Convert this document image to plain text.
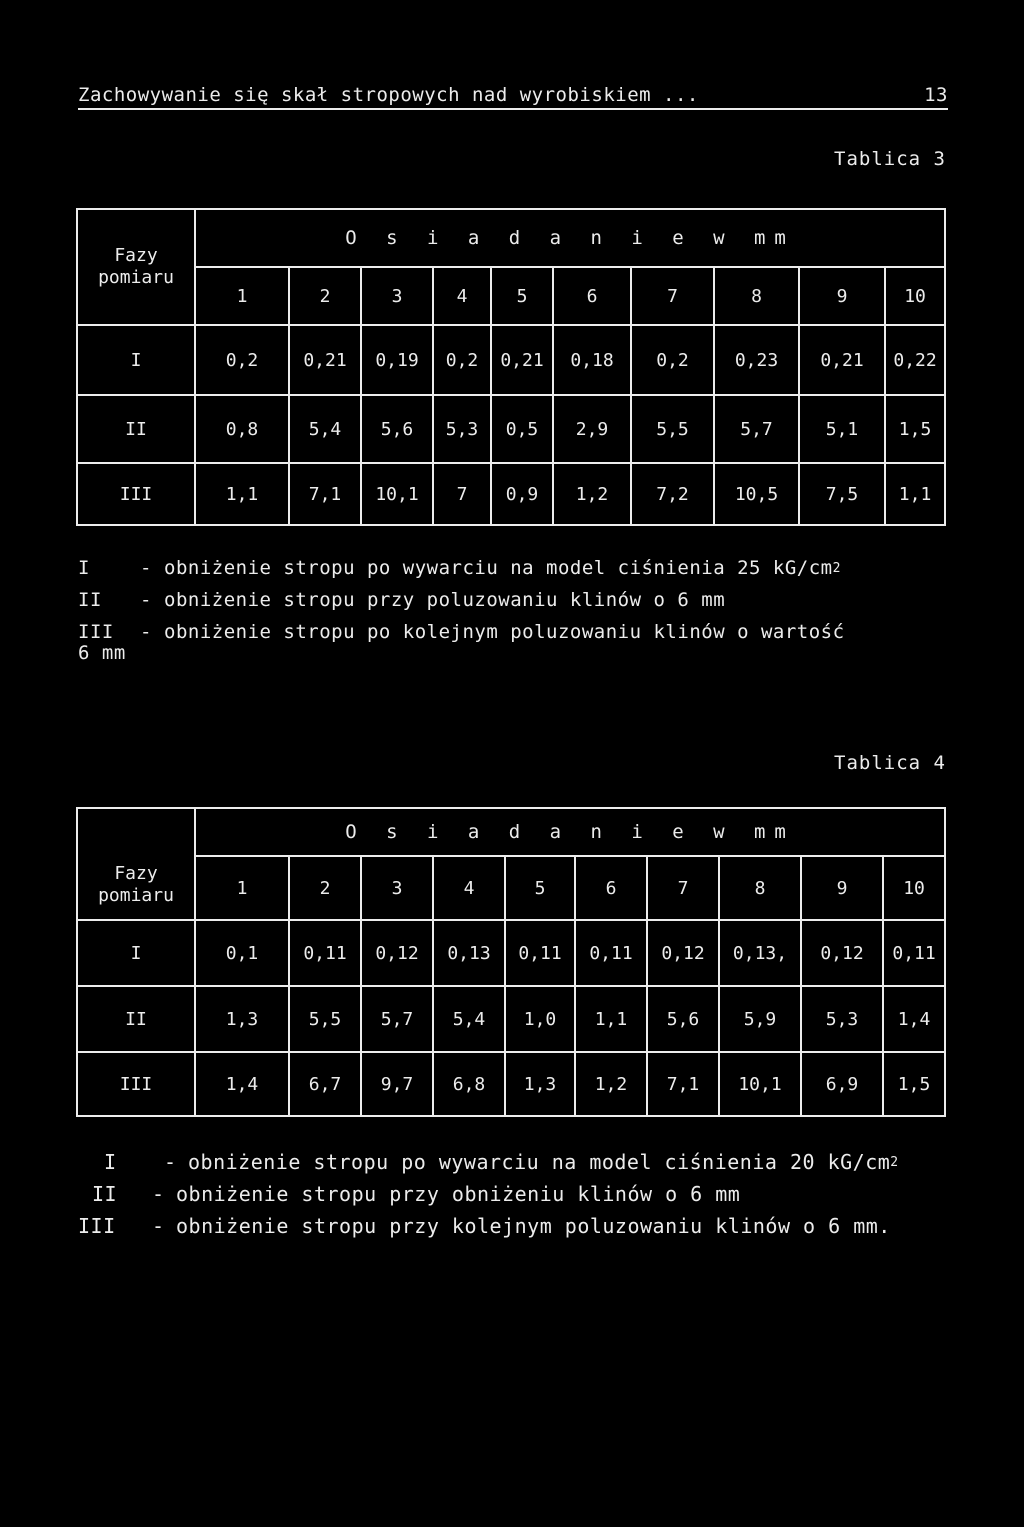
Zachowywanie się skał stropowych nad wyrobiskiem ...	13
Tablica 3
Fazy pomiaru	O s i a d a n i e w mm									
	1	2	3	4	5	6	7	8	9	10
I	0,2	0,21	0,19	0,2	0,21	0,18	0,2	0,23	0,21	0,22
II	0,8	5,4	5,6	5,3	0,5	2,9	5,5	5,7	5,1	1,5
III	1,1	7,1	10,1	7	0,9	1,2	7,2	10,5	7,5	1,1
I	- obniżenie stropu po wywarciu na model ciśnienia 25 kG/cm 2
II	- obniżenie stropu przy poluzowaniu klinów o 6 mm
III	- obniżenie stropu po kolejnym poluzowaniu klinów o wartość
6 mm
Tablica 4
Fazy pomiaru	O s i a d a n i e w mm									
	1	2	3	4	5	6	7	8	9	10
I	0,1	0,11	0,12	0,13	0,11	0,11	0,12	0,13,	0,12	0,11
II	1,3	5,5	5,7	5,4	1,0	1,1	5,6	5,9	5,3	1,4
III	1,4	6,7	9,7	6,8	1,3	1,2	7,1	10,1	6,9	1,5
I	- obniżenie stropu po wywarciu na model ciśnienia 20 kG/cm 2
II	- obniżenie stropu przy obniżeniu klinów o 6 mm
III	- obniżenie stropu przy kolejnym poluzowaniu klinów o 6 mm.
